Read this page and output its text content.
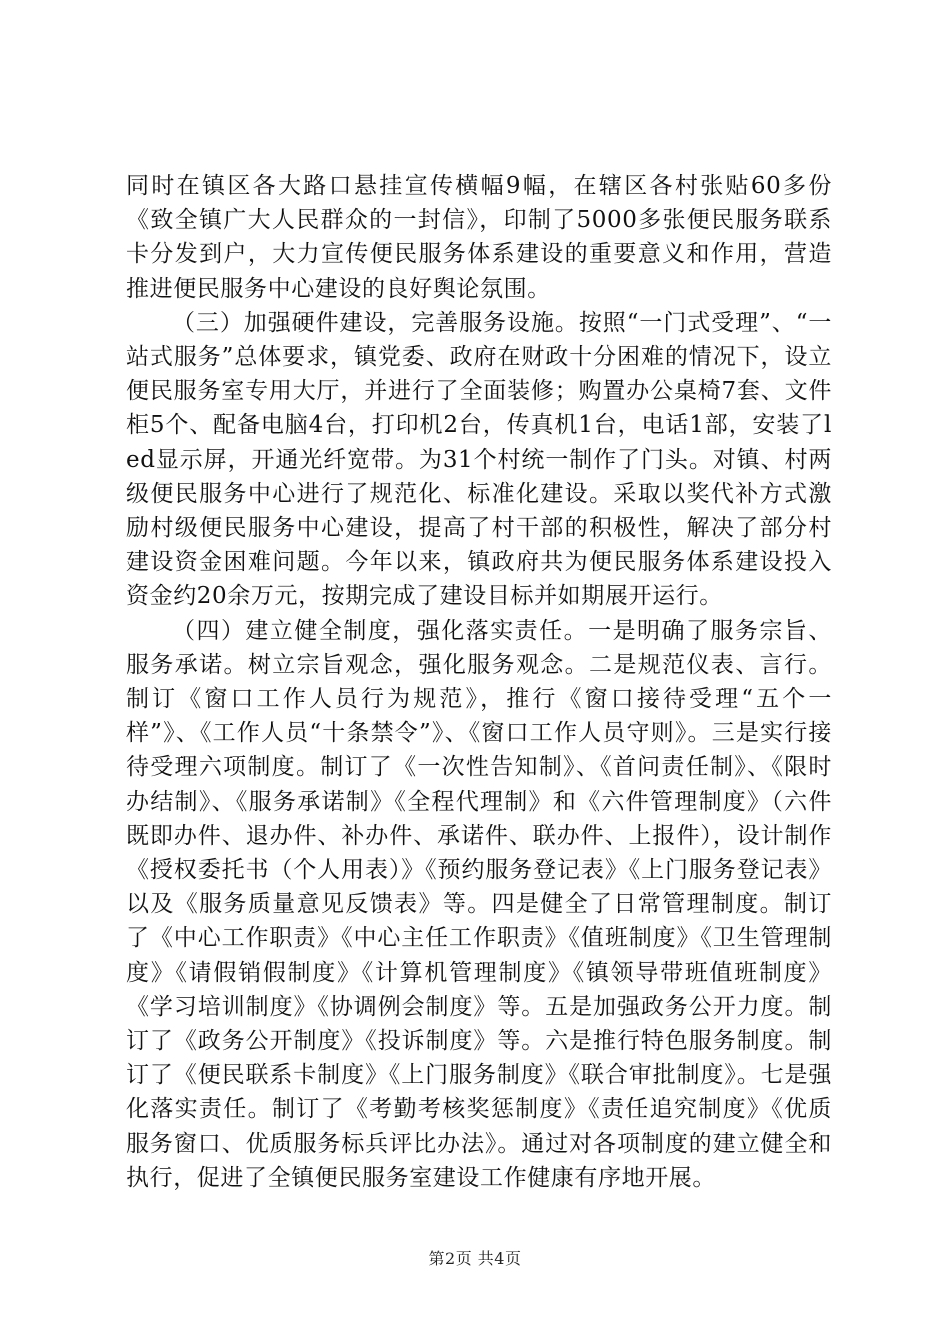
同时在镇区各大路口悬挂宣传横幅9幅，在辖区各村张贴60多份《致全镇广大人民群众的一封信》，印制了5000多张便民服务联系卡分发到户，大力宣传便民服务体系建设的重要意义和作用，营造推进便民服务中心建设的良好舆论氛围。

（三）加强硬件建设，完善服务设施。按照“一门式受理”、“一站式服务”总体要求，镇党委、政府在财政十分困难的情况下，设立便民服务室专用大厅，并进行了全面装修；购置办公桌椅7套、文件柜5个、配备电脑4台，打印机2台，传真机1台，电话1部，安装了led显示屏，开通光纤宽带。为31个村统一制作了门头。对镇、村两级便民服务中心进行了规范化、标准化建设。采取以奖代补方式激励村级便民服务中心建设，提高了村干部的积极性，解决了部分村建设资金困难问题。今年以来，镇政府共为便民服务体系建设投入资金约20余万元，按期完成了建设目标并如期展开运行。

（四）建立健全制度，强化落实责任。一是明确了服务宗旨、服务承诺。树立宗旨观念，强化服务观念。二是规范仪表、言行。制订《窗口工作人员行为规范》，推行《窗口接待受理“五个一样”》、《工作人员“十条禁令”》、《窗口工作人员守则》。三是实行接待受理六项制度。制订了《一次性告知制》、《首问责任制》、《限时办结制》、《服务承诺制》《全程代理制》和《六件管理制度》（六件既即办件、退办件、补办件、承诺件、联办件、上报件），设计制作《授权委托书（个人用表）》《预约服务登记表》《上门服务登记表》以及《服务质量意见反馈表》等。四是健全了日常管理制度。制订了《中心工作职责》《中心主任工作职责》《值班制度》《卫生管理制度》《请假销假制度》《计算机管理制度》《镇领导带班值班制度》《学习培训制度》《协调例会制度》等。五是加强政务公开力度。制订了《政务公开制度》《投诉制度》等。六是推行特色服务制度。制订了《便民联系卡制度》《上门服务制度》《联合审批制度》。七是强化落实责任。制订了《考勤考核奖惩制度》《责任追究制度》《优质服务窗口、优质服务标兵评比办法》。通过对各项制度的建立健全和执行，促进了全镇便民服务室建设工作健康有序地开展。

第2页 共4页
